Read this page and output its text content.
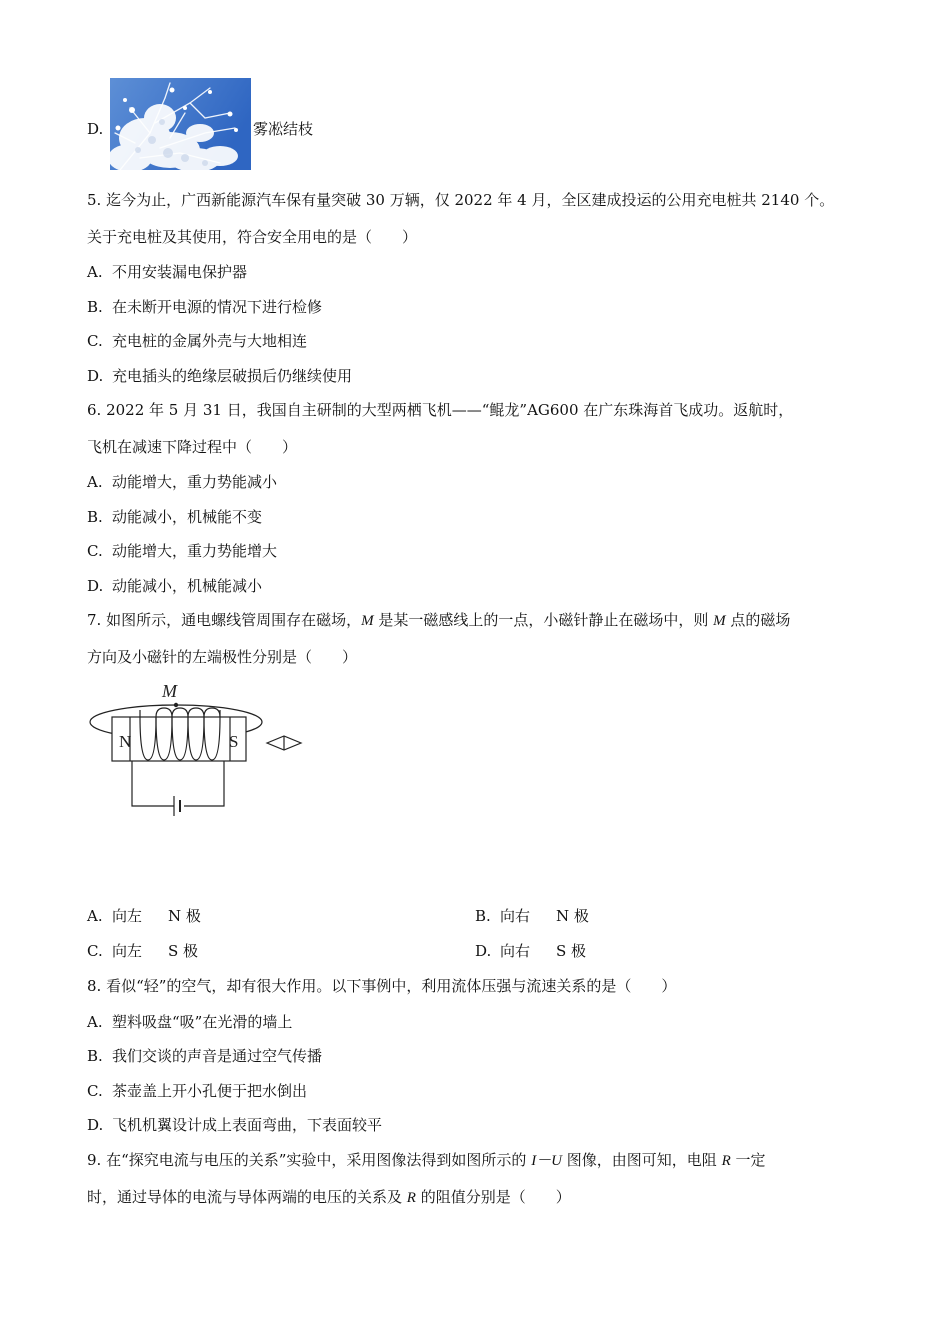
D.	雾凇结枝
5. 迄今为止，广西新能源汽车保有量突破 30 万辆，仅 2022 年 4 月，全区建成投运的公用充电桩共 2140 个。
关于充电桩及其使用，符合安全用电的是（　　）
A. 不用安装漏电保护器
B. 在未断开电源的情况下进行检修
C. 充电桩的金属外壳与大地相连
D. 充电插头的绝缘层破损后仍继续使用
6. 2022 年 5 月 31 日，我国自主研制的大型两栖飞机——“鲲龙”AG600 在广东珠海首飞成功。返航时，
飞机在减速下降过程中（　　）
A. 动能增大，重力势能减小
B. 动能减小，机械能不变
C. 动能增大，重力势能增大
D. 动能减小，机械能减小
7. 如图所示，通电螺线管周围存在磁场，M 是某一磁感线上的一点，小磁针静止在磁场中，则 M 点的磁场
方向及小磁针的左端极性分别是（　　）
M
N	S
A. 向左 N 极	B. 向右 N 极
C. 向左 S 极	D. 向右 S 极
8. 看似“轻”的空气，却有很大作用。以下事例中，利用流体压强与流速关系的是（　　）
A. 塑料吸盘“吸”在光滑的墙上
B. 我们交谈的声音是通过空气传播
C. 茶壶盖上开小孔便于把水倒出
D. 飞机机翼设计成上表面弯曲，下表面较平
9. 在“探究电流与电压的关系”实验中，采用图像法得到如图所示的 I－U 图像，由图可知，电阻 R 一定
时，通过导体的电流与导体两端的电压的关系及 R 的阻值分别是（　　）
